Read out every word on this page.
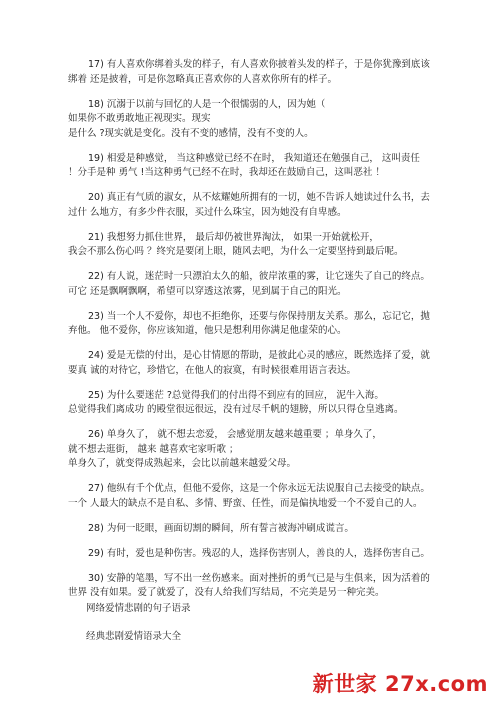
17) 有人喜欢你绑着头发的样子，有人喜欢你披着头发的样子，于是你犹豫到底该
绑着 还是披着，可是你忽略真正喜欢你的人喜欢你所有的样子。
18) 沉溺于以前与回忆的人是一个很懦弱的人，因为她（
如果你不敢勇敢地正视现实。现实
是什么 ?现实就是变化。没有不变的感情，没有不变的人。
19) 相爱是种感觉， 当这种感觉已经不在时， 我知道还在勉强自己， 这叫责任
！分手是种 勇气 !当这种勇气已经不在时，我却还在鼓励自己，这叫恶社 ！
20) 真正有气质的淑女，从不炫耀她所拥有的一切，她不告诉人她读过什么书，去
过什 么地方，有多少件衣服，买过什么珠宝，因为她没有自卑感。
21) 我想努力抓住世界， 最后却仍被世界淘汰， 如果一开始就松开，
我会不那么伤心吗 ？终究是要闭上眼，随风去吧，为什么一定要坚持到最后呢。
22) 有人说，迷茫时一只漂泊太久的船，彼岸浓重的雾，让它迷失了自己的终点。
可它 还是飘啊飘啊，希望可以穿透这浓雾，见到属于自己的阳光。
23) 当一个人不爱你，却也不拒绝你，还要与你保持朋友关系。那么，忘记它，抛
弃他。 他不爱你，你应该知道，他只是想利用你满足他虚荣的心。
24) 爱是无偿的付出，是心甘情愿的帮助，是彼此心灵的感应，既然选择了爱，就
要真 诚的对待它，珍惜它，在他人的寂寞，有时候很难用语言表达。
25) 为什么要迷茫 ?总觉得我们的付出得不到应有的回应， 泥牛入海。
总觉得我们离成功 的殿堂很远很远，没有过尽千帆的翅膀，所以只得仓皇逃离。
26) 单身久了， 就不想去恋爱， 会感觉朋友越来越重要 ；单身久了，
就不想去逛街， 越来 越喜欢宅家听歌 ；
单身久了，就变得成熟起来，会比以前越来越爱父母。
27) 他纵有千个优点，但他不爱你，这是一个你永远无法说服自己去接受的缺点。
一个 人最大的缺点不是自私、多情、野蛮、任性，而是偏执地爱一个不爱自己的人。
28) 为何一眨眼，画面切割的瞬间，所有誓言被海冲刷成谎言。
29) 有时，爱也是种伤害。残忍的人，选择伤害别人，善良的人，选择伤害自己。
30) 安静的笔墨，写不出一丝伤感来。面对挫折的勇气已是与生俱来，因为活着的
世界 没有如果。爱了就爱了，没有人给我们写结局，不完美是另一种完美。
网络爱情悲剧的句子语录
经典悲剧爱情语录大全
新世家 27x.com
